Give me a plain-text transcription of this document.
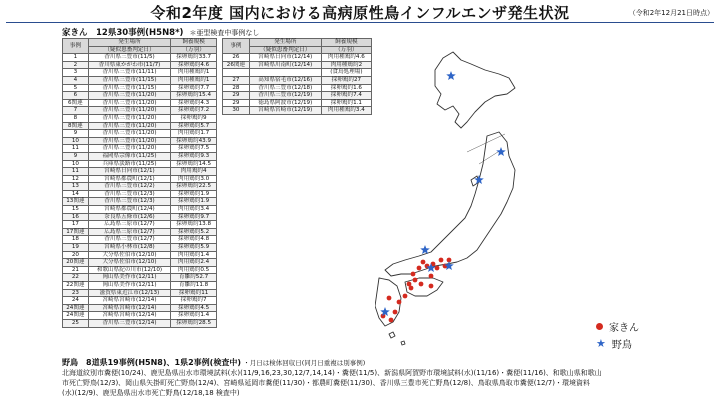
令和2年度 国内における高病原性鳥インフルエンザ発生状況	（令和2年12月21日時点）
家きん　12県30事例(H5N8*) ＊亜型検査中事例なし
事例	発生場所	飼養規模
	（疑似患畜判定日）	（万羽）
1	香川県三豊市(11/5)	採卵鶏約33.7
2	香川県東かがわ市(11/7)	採卵鶏約4.6
3	香川県三豊市(11/11)	肉用種鶏約1
4	香川県三豊市(11/15)	肉用種鶏約1
5	香川県三豊市(11/15)	採卵鶏約7.7
6	香川県三豊市(11/20)	採卵鶏約15.4
6関連	香川県三豊市(11/20)	採卵鶏約4.3
7	香川県三豊市(11/20)	採卵鶏約7.2
8	香川県三豊市(11/20)	採卵鶏約9
8関連	香川県三豊市(11/20)	採卵鶏約5.7
9	香川県三豊市(11/20)	肉用鶏約1.7
10	香川県三豊市(11/20)	採卵鶏約43.9
11	香川県三豊市(11/20)	採卵鶏約7.5
9	福岡県宗像市(11/25)	採卵鶏約9.3
10	兵庫県淡路市(11/25)	採卵鶏約14.5
11	宮崎県日向市(12/1)	肉用鶏約4
12	宮崎県都農町(12/1)	肉用鶏約3.0
13	香川県三豊市(12/2)	採卵鶏約22.5
14	香川県三豊市(12/3)	採卵鶏約1.9
13関連	香川県三豊市(12/3)	採卵鶏約1.9
15	宮崎県都農町(12/4)	肉用鶏約3.4
16	奈良県五條市(12/6)	採卵鶏約9.7
17	広島県三原市(12/7)	採卵鶏約13.8
17関連	広島県三原市(12/7)	採卵鶏約5.2
18	香川県三豊市(12/7)	採卵鶏約4.8
19	宮崎県小林市(12/8)	採卵鶏約5.9
20	大分県佐伯市(12/10)	肉用鶏約1.4
20関連	大分県佐伯市(12/10)	肉用鶏約2.4
21	和歌山県紀の川市(12/10)	肉用鶏約0.5
22	岡山県美作市(12/11)	育雛約52.7
22関連	岡山県美作市(12/11)	育雛約11.8
23	滋賀県東近江市(12/13)	採卵鶏約11
24	宮崎県宮崎市(12/14)	採卵鶏約7
24関連	宮崎県宮崎市(12/14)	採卵鶏約4.5
24関連	宮崎県宮崎市(12/14)	採卵鶏約1.4
25	香川県三豊市(12/14)	採卵鶏約28.5
事例	発生場所	飼養規模
	（疑似患畜判定日）	（万羽）
26	宮崎県日向市(12/14)	肉用種鶏約4.6
26関連	宮崎県川南町(12/14)	肉用種鶏約2
		(食鳥処理場)
27	高知県宿毛市(12/16)	採卵鶏約27
28	香川県三豊市(12/18)	採卵鶏約1.6
29	香川県三豊市(12/19)	採卵鶏約7.4
29	徳島県阿波市(12/19)	採卵鶏約1.1
30	宮崎県宮崎市(12/19)	肉用種鶏約3.4
家きん
★ 野鳥
野鳥　8道県19事例(H5N8)、1県2事例(検査中) ・月日は検体回収日(同月日重複は別事例)
北海道紋別市糞便(10/24)、鹿児島県出水市環境試料(水)(11/9,16,23,30,12/7,14,14)・糞便(11/5)、新潟県阿賀野市環境試料(水)(11/16)・糞便(11/16)、和歌山県和歌山
市死亡野鳥(12/3)、岡山県矢掛町死亡野鳥(12/4)、宮崎県延岡市糞便(11/30)・都農町糞便(11/30)、香川県三豊市死亡野鳥(12/8)、鳥取県鳥取市糞便(12/7)・環境資料
(水)(12/9)、鹿児島県出水市死亡野鳥(12/18,18 検査中)
